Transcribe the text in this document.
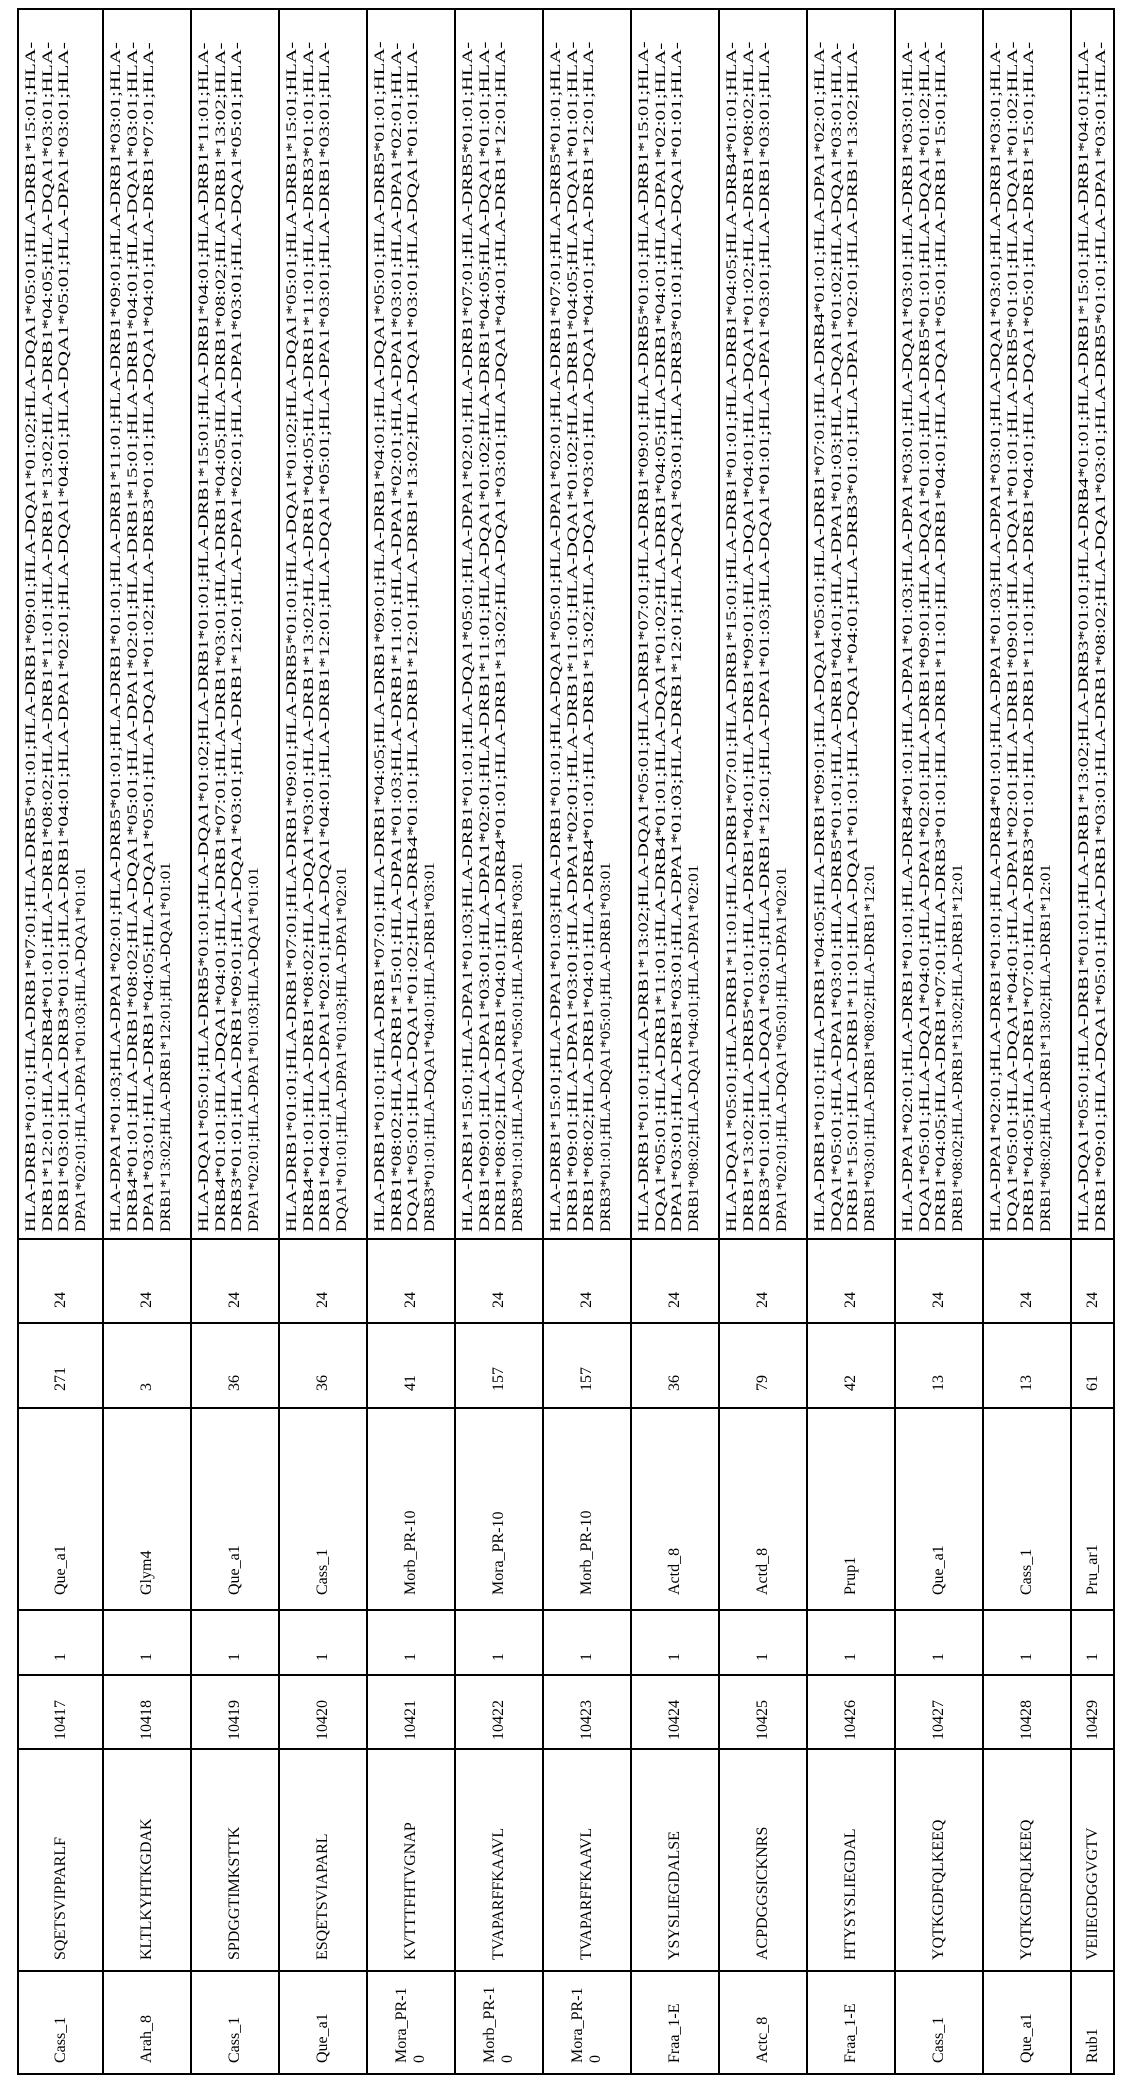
Cass_1
SQETSVIPPARLF
10417
1
Que_a1
271
24
HLA-DRB1*01:01;HLA-DRB1*07:01;HLA-DRB5*01:01;HLA-DRB1*09:01;HLA-DQA1*01:02;HLA-DQA1*05:01;HLA-DRB1*15:01;HLA- DRB1*12:01;HLA-DRB4*01:01;HLA-DRB1*08:02;HLA-DRB1*11:01;HLA-DRB1*13:02;HLA-DRB1*04:05;HLA-DQA1*03:01;HLA- DRB1*03:01;HLA-DRB3*01:01;HLA-DRB1*04:01;HLA-DPA1*02:01;HLA-DQA1*04:01;HLA-DQA1*05:01;HLA-DPA1*03:01;HLA- DPA1*02:01;HLA-DPA1*01:03;HLA-DQA1*01:01
Arah_8
KLTLKYHTKGDAK
10418
1
Glym4
3
24
HLA-DPA1*01:03;HLA-DPA1*02:01;HLA-DRB5*01:01;HLA-DRB1*01:01;HLA-DRB1*11:01;HLA-DRB1*09:01;HLA-DRB1*03:01;HLA- DRB4*01:01;HLA-DRB1*08:02;HLA-DQA1*05:01;HLA-DPA1*02:01;HLA-DRB1*15:01;HLA-DRB1*04:01;HLA-DQA1*03:01;HLA- DPA1*03:01;HLA-DRB1*04:05;HLA-DQA1*05:01;HLA-DQA1*01:02;HLA-DRB3*01:01;HLA-DQA1*04:01;HLA-DRB1*07:01;HLA- DRB1*13:02;HLA-DRB1*12:01;HLA-DQA1*01:01
Cass_1
SPDGGTIMKSTTK
10419
1
Que_a1
36
24
HLA-DQA1*05:01;HLA-DRB5*01:01;HLA-DQA1*01:02;HLA-DRB1*01:01;HLA-DRB1*15:01;HLA-DRB1*04:01;HLA-DRB1*11:01;HLA- DRB4*01:01;HLA-DQA1*04:01;HLA-DRB1*07:01;HLA-DRB1*03:01;HLA-DRB1*04:05;HLA-DRB1*08:02;HLA-DRB1*13:02;HLA- DRB3*01:01;HLA-DRB1*09:01;HLA-DQA1*03:01;HLA-DRB1*12:01;HLA-DPA1*02:01;HLA-DPA1*03:01;HLA-DQA1*05:01;HLA- DPA1*02:01;HLA-DPA1*01:03;HLA-DQA1*01:01
Que_a1
ESQETSVIAPARL
10420
1
Cass_1
36
24
HLA-DRB1*01:01;HLA-DRB1*07:01;HLA-DRB1*09:01;HLA-DRB5*01:01;HLA-DQA1*01:02;HLA-DQA1*05:01;HLA-DRB1*15:01;HLA- DRB4*01:01;HLA-DRB1*08:02;HLA-DQA1*03:01;HLA-DRB1*13:02;HLA-DRB1*04:05;HLA-DRB1*11:01;HLA-DRB3*01:01;HLA- DRB1*04:01;HLA-DPA1*02:01;HLA-DQA1*04:01;HLA-DRB1*12:01;HLA-DQA1*05:01;HLA-DPA1*03:01;HLA-DRB1*03:01;HLA- DQA1*01:01;HLA-DPA1*01:03;HLA-DPA1*02:01
Mora_PR-10
KVTTTFHTVGNAP
10421
1
Morb_PR-10
41
24
HLA-DRB1*01:01;HLA-DRB1*07:01;HLA-DRB1*04:05;HLA-DRB1*09:01;HLA-DRB1*04:01;HLA-DQA1*05:01;HLA-DRB5*01:01;HLA- DRB1*08:02;HLA-DRB1*15:01;HLA-DPA1*01:03;HLA-DRB1*11:01;HLA-DPA1*02:01;HLA-DPA1*03:01;HLA-DPA1*02:01;HLA- DQA1*05:01;HLA-DQA1*01:02;HLA-DRB4*01:01;HLA-DRB1*12:01;HLA-DRB1*13:02;HLA-DQA1*03:01;HLA-DQA1*01:01;HLA- DRB3*01:01;HLA-DQA1*04:01;HLA-DRB1*03:01
Morb_PR-10
TVAPARFFKAAVL
10422
1
Mora_PR-10
157
24
HLA-DRB1*15:01;HLA-DPA1*01:03;HLA-DRB1*01:01;HLA-DQA1*05:01;HLA-DPA1*02:01;HLA-DRB1*07:01;HLA-DRB5*01:01;HLA- DRB1*09:01;HLA-DPA1*03:01;HLA-DPA1*02:01;HLA-DRB1*11:01;HLA-DQA1*01:02;HLA-DRB1*04:05;HLA-DQA1*01:01;HLA- DRB1*08:02;HLA-DRB1*04:01;HLA-DRB4*01:01;HLA-DRB1*13:02;HLA-DQA1*03:01;HLA-DQA1*04:01;HLA-DRB1*12:01;HLA- DRB3*01:01;HLA-DQA1*05:01;HLA-DRB1*03:01
Mora_PR-10
TVAPARFFKAAVL
10423
1
Morb_PR-10
157
24
HLA-DRB1*15:01;HLA-DPA1*01:03;HLA-DRB1*01:01;HLA-DQA1*05:01;HLA-DPA1*02:01;HLA-DRB1*07:01;HLA-DRB5*01:01;HLA- DRB1*09:01;HLA-DPA1*03:01;HLA-DPA1*02:01;HLA-DRB1*11:01;HLA-DQA1*01:02;HLA-DRB1*04:05;HLA-DQA1*01:01;HLA- DRB1*08:02;HLA-DRB1*04:01;HLA-DRB4*01:01;HLA-DRB1*13:02;HLA-DQA1*03:01;HLA-DQA1*04:01;HLA-DRB1*12:01;HLA- DRB3*01:01;HLA-DQA1*05:01;HLA-DRB1*03:01
Fraa_1-E
YSYSLIEGDALSE
10424
1
Actd_8
36
24
HLA-DRB1*01:01;HLA-DRB1*13:02;HLA-DQA1*05:01;HLA-DRB1*07:01;HLA-DRB1*09:01;HLA-DRB5*01:01;HLA-DRB1*15:01;HLA- DQA1*05:01;HLA-DRB1*11:01;HLA-DRB4*01:01;HLA-DQA1*01:02;HLA-DRB1*04:05;HLA-DRB1*04:01;HLA-DPA1*02:01;HLA- DPA1*03:01;HLA-DRB1*03:01;HLA-DPA1*01:03;HLA-DRB1*12:01;HLA-DQA1*03:01;HLA-DRB3*01:01;HLA-DQA1*01:01;HLA- DRB1*08:02;HLA-DQA1*04:01;HLA-DPA1*02:01
Actc_8
ACPDGGSICKNRS
10425
1
Actd_8
79
24
HLA-DQA1*05:01;HLA-DRB1*11:01;HLA-DRB1*07:01;HLA-DRB1*15:01;HLA-DRB1*01:01;HLA-DRB1*04:05;HLA-DRB4*01:01;HLA- DRB1*13:02;HLA-DRB5*01:01;HLA-DRB1*04:01;HLA-DRB1*09:01;HLA-DQA1*04:01;HLA-DQA1*01:02;HLA-DRB1*08:02;HLA- DRB3*01:01;HLA-DQA1*03:01;HLA-DRB1*12:01;HLA-DPA1*01:03;HLA-DQA1*01:01;HLA-DPA1*03:01;HLA-DRB1*03:01;HLA- DPA1*02:01;HLA-DQA1*05:01;HLA-DPA1*02:01
Fraa_1-E
HTYSYSLIEGDAL
10426
1
Prup1
42
24
HLA-DRB1*01:01;HLA-DRB1*04:05;HLA-DRB1*09:01;HLA-DQA1*05:01;HLA-DRB1*07:01;HLA-DRB4*01:01;HLA-DPA1*02:01;HLA- DQA1*05:01;HLA-DPA1*03:01;HLA-DRB5*01:01;HLA-DRB1*04:01;HLA-DPA1*01:03;HLA-DQA1*01:02;HLA-DQA1*03:01;HLA- DRB1*15:01;HLA-DRB1*11:01;HLA-DQA1*01:01;HLA-DQA1*04:01;HLA-DRB3*01:01;HLA-DPA1*02:01;HLA-DRB1*13:02;HLA- DRB1*03:01;HLA-DRB1*08:02;HLA-DRB1*12:01
Cass_1
YQTKGDFQLKEEQ
10427
1
Que_a1
13
24
HLA-DPA1*02:01;HLA-DRB1*01:01;HLA-DRB4*01:01;HLA-DPA1*01:03;HLA-DPA1*03:01;HLA-DQA1*03:01;HLA-DRB1*03:01;HLA- DQA1*05:01;HLA-DQA1*04:01;HLA-DPA1*02:01;HLA-DRB1*09:01;HLA-DQA1*01:01;HLA-DRB5*01:01;HLA-DQA1*01:02;HLA- DRB1*04:05;HLA-DRB1*07:01;HLA-DRB3*01:01;HLA-DRB1*11:01;HLA-DRB1*04:01;HLA-DQA1*05:01;HLA-DRB1*15:01;HLA- DRB1*08:02;HLA-DRB1*13:02;HLA-DRB1*12:01
Que_a1
YQTKGDFQLKEEQ
10428
1
Cass_1
13
24
HLA-DPA1*02:01;HLA-DRB1*01:01;HLA-DRB4*01:01;HLA-DPA1*01:03;HLA-DPA1*03:01;HLA-DQA1*03:01;HLA-DRB1*03:01;HLA- DQA1*05:01;HLA-DQA1*04:01;HLA-DPA1*02:01;HLA-DRB1*09:01;HLA-DQA1*01:01;HLA-DRB5*01:01;HLA-DQA1*01:02;HLA- DRB1*04:05;HLA-DRB1*07:01;HLA-DRB3*01:01;HLA-DRB1*11:01;HLA-DRB1*04:01;HLA-DQA1*05:01;HLA-DRB1*15:01;HLA- DRB1*08:02;HLA-DRB1*13:02;HLA-DRB1*12:01
Rub1
VEIIEGDGGVGTV
10429
1
Pru_ar1
61
24
HLA-DQA1*05:01;HLA-DRB1*01:01;HLA-DRB1*13:02;HLA-DRB3*01:01;HLA-DRB4*01:01;HLA-DRB1*15:01;HLA-DRB1*04:01;HLA- DRB1*09:01;HLA-DQA1*05:01;HLA-DRB1*03:01;HLA-DRB1*08:02;HLA-DQA1*03:01;HLA-DRB5*01:01;HLA-DPA1*03:01;HLA-
